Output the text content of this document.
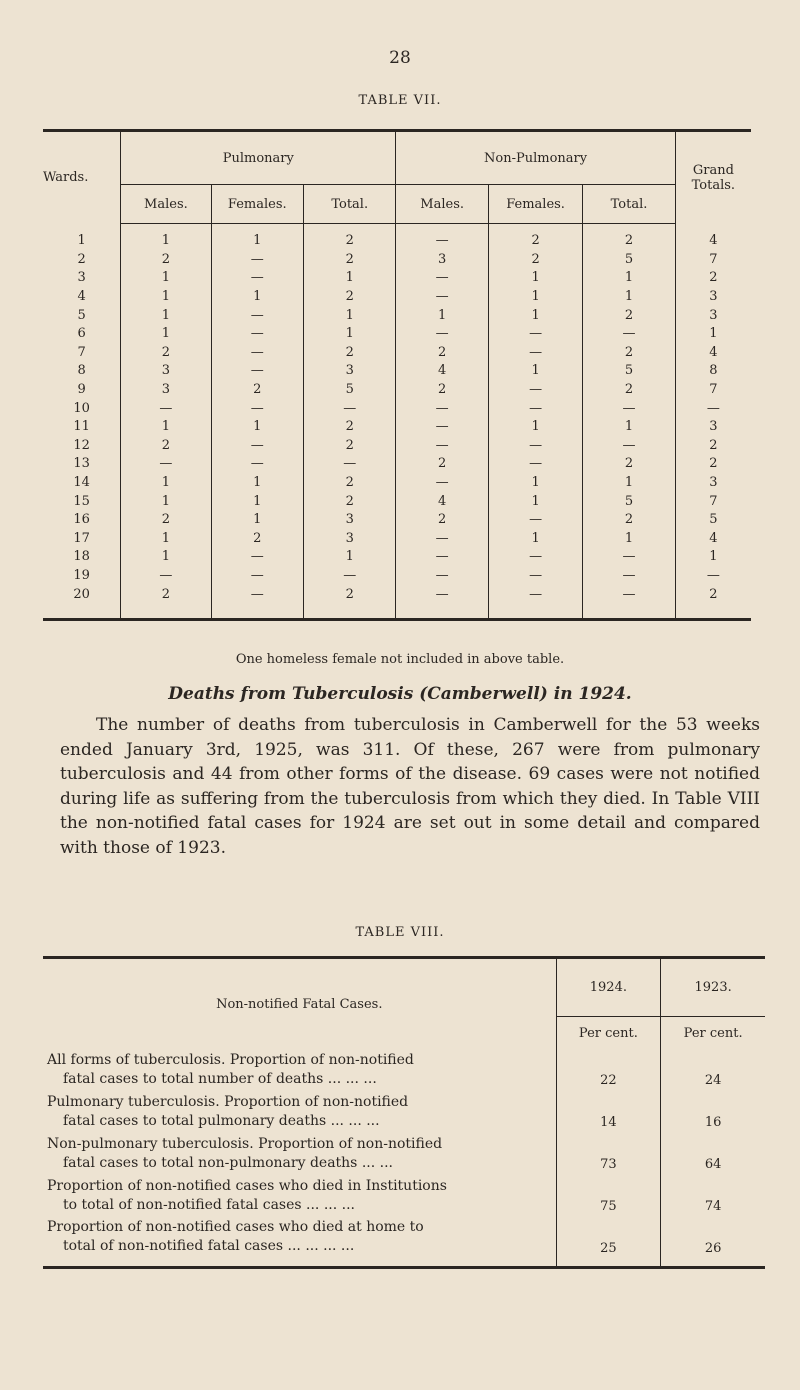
28
TABLE VII.
Wards.	Pulmonary			Non-Pulmonary			Grand Totals.
	Males.	Females.	Total.	Males.	Females.	Total.	
1	1	1	2	—	2	2	4
2	2	—	2	3	2	5	7
3	1	—	1	—	1	1	2
4	1	1	2	—	1	1	3
5	1	—	1	1	1	2	3
6	1	—	1	—	—	—	1
7	2	—	2	2	—	2	4
8	3	—	3	4	1	5	8
9	3	2	5	2	—	2	7
10	—	—	—	—	—	—	—
11	1	1	2	—	1	1	3
12	2	—	2	—	—	—	2
13	—	—	—	2	—	2	2
14	1	1	2	—	1	1	3
15	1	1	2	4	1	5	7
16	2	1	3	2	—	2	5
17	1	2	3	—	1	1	4
18	1	—	1	—	—	—	1
19	—	—	—	—	—	—	—
20	2	—	2	—	—	—	2
One homeless female not included in above table.
Deaths from Tuberculosis (Camberwell) in 1924.

The number of deaths from tuberculosis in Camberwell for the 53 weeks ended January 3rd, 1925, was 311. Of these, 267 were from pulmonary tuberculosis and 44 from other forms of the disease. 69 cases were not notified during life as suffering from the tuberculosis from which they died. In Table VIII the non-notified fatal cases for 1924 are set out in some detail and compared with those of 1923.

TABLE VIII.
Non-notified Fatal Cases.	1924.	1923.
	Per cent.	Per cent.

All forms of tuberculosis. Proportion of non-notified
fatal cases to total number of deaths ... ... ...	22	24

Pulmonary tuberculosis. Proportion of non-notified
fatal cases to total pulmonary deaths ... ... ...	14	16

Non-pulmonary tuberculosis. Proportion of non-notified
fatal cases to total non-pulmonary deaths ... ...	73	64

Proportion of non-notified cases who died in Institutions
to total of non-notified fatal cases ... ... ...	75	74

Proportion of non-notified cases who died at home to
total of non-notified fatal cases ... ... ... ...	25	26
